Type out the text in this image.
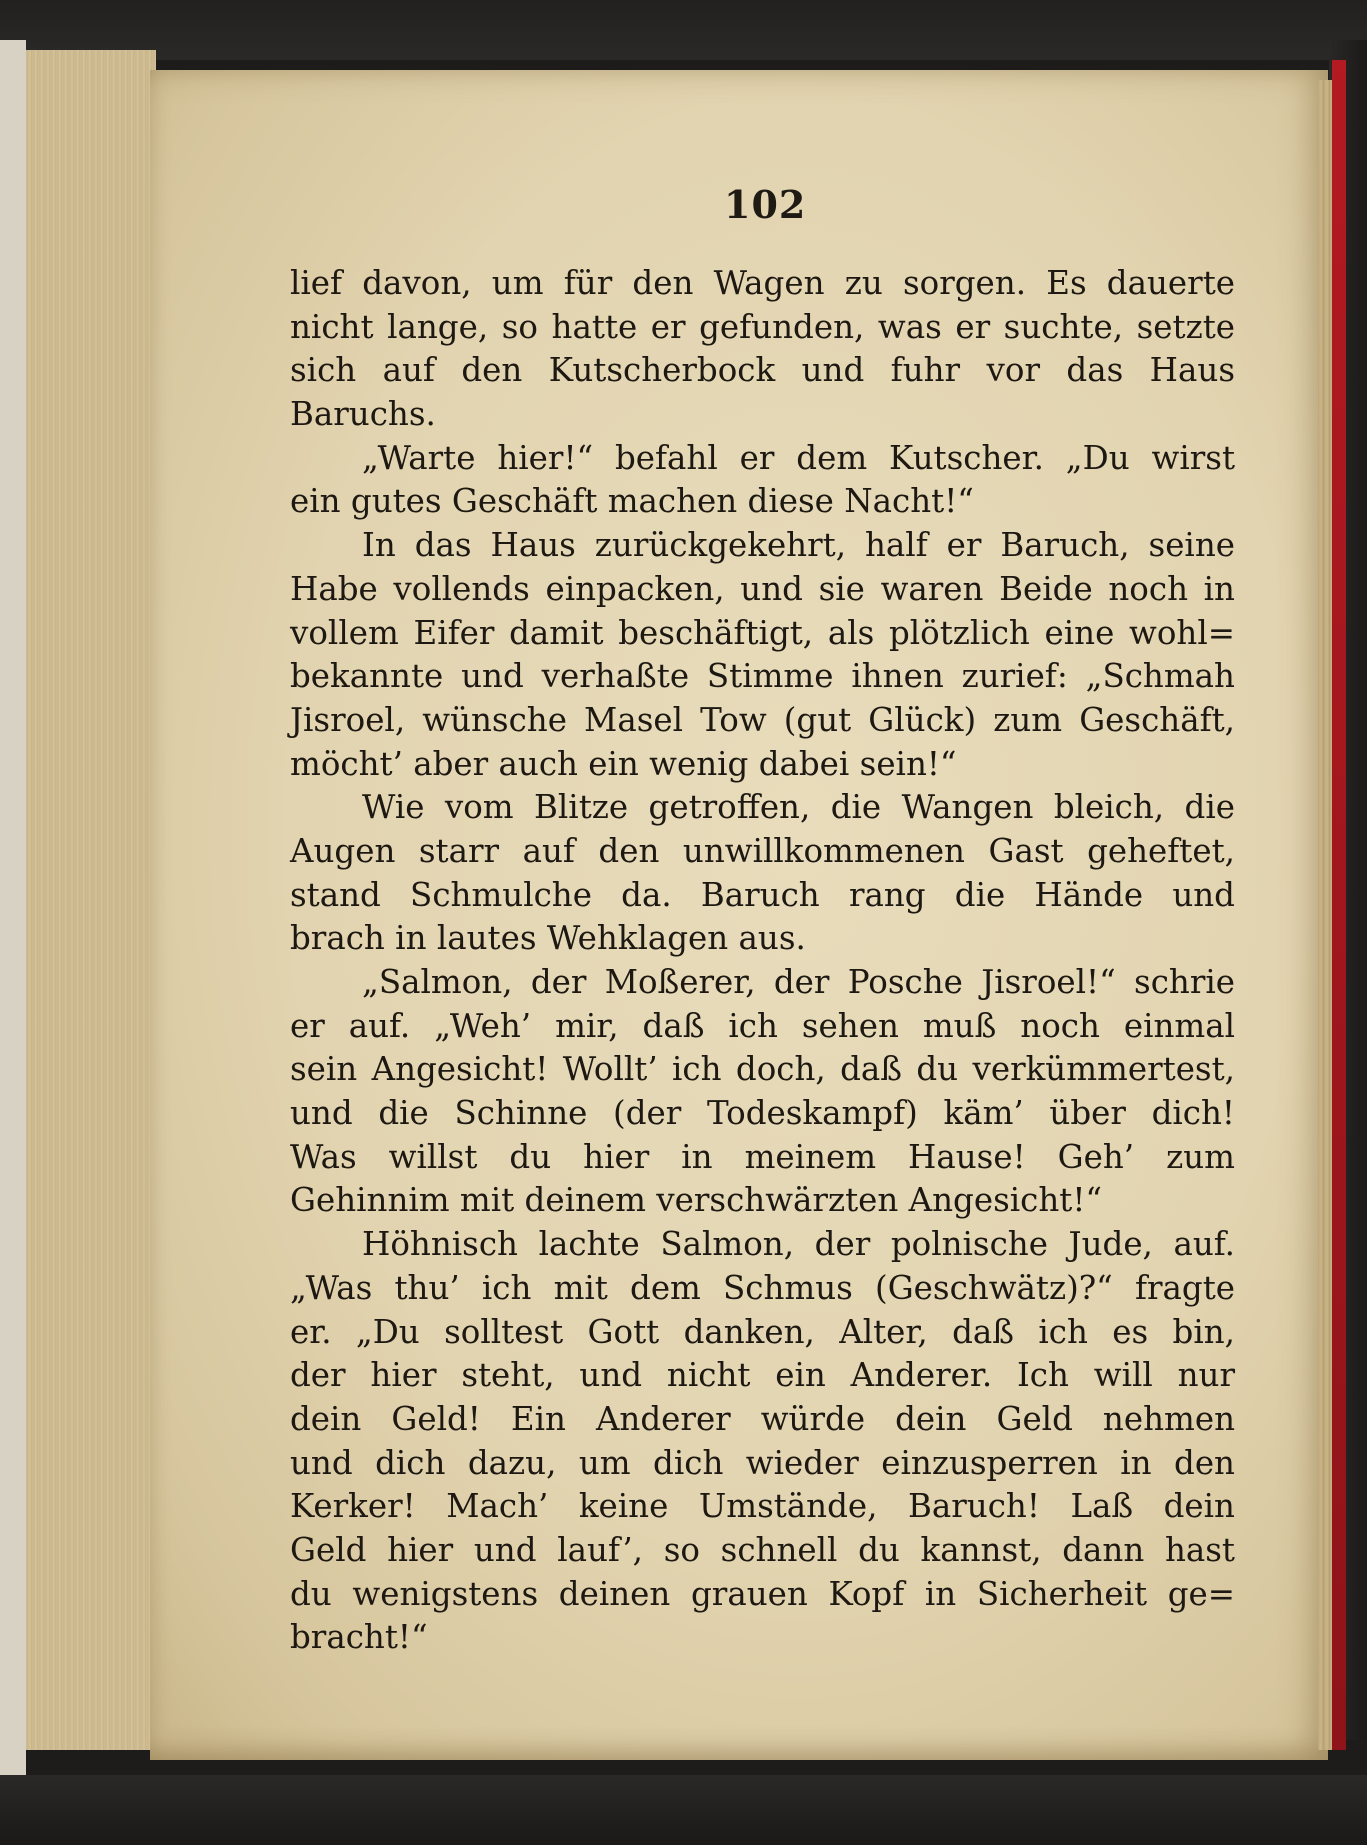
102
lief davon, um für den Wagen zu sorgen. Es dauerte
nicht lange, so hatte er gefunden, was er suchte, setzte
sich auf den Kutscherbock und fuhr vor das Haus
Baruchs.
„Warte hier!“ befahl er dem Kutscher. „Du wirst
ein gutes Geschäft machen diese Nacht!“
In das Haus zurückgekehrt, half er Baruch, seine
Habe vollends einpacken, und sie waren Beide noch in
vollem Eifer damit beschäftigt, als plötzlich eine wohl=
bekannte und verhaßte Stimme ihnen zurief: „Schmah
Jisroel, wünsche Masel Tow (gut Glück) zum Geschäft,
möcht’ aber auch ein wenig dabei sein!“
Wie vom Blitze getroffen, die Wangen bleich, die
Augen starr auf den unwillkommenen Gast geheftet,
stand Schmulche da. Baruch rang die Hände und
brach in lautes Wehklagen aus.
„Salmon, der Moßerer, der Posche Jisroel!“ schrie
er auf. „Weh’ mir, daß ich sehen muß noch einmal
sein Angesicht! Wollt’ ich doch, daß du verkümmertest,
und die Schinne (der Todeskampf) käm’ über dich!
Was willst du hier in meinem Hause! Geh’ zum
Gehinnim mit deinem verschwärzten Angesicht!“
Höhnisch lachte Salmon, der polnische Jude, auf.
„Was thu’ ich mit dem Schmus (Geschwätz)?“ fragte
er. „Du solltest Gott danken, Alter, daß ich es bin,
der hier steht, und nicht ein Anderer. Ich will nur
dein Geld! Ein Anderer würde dein Geld nehmen
und dich dazu, um dich wieder einzusperren in den
Kerker! Mach’ keine Umstände, Baruch! Laß dein
Geld hier und lauf’, so schnell du kannst, dann hast
du wenigstens deinen grauen Kopf in Sicherheit ge=
bracht!“
